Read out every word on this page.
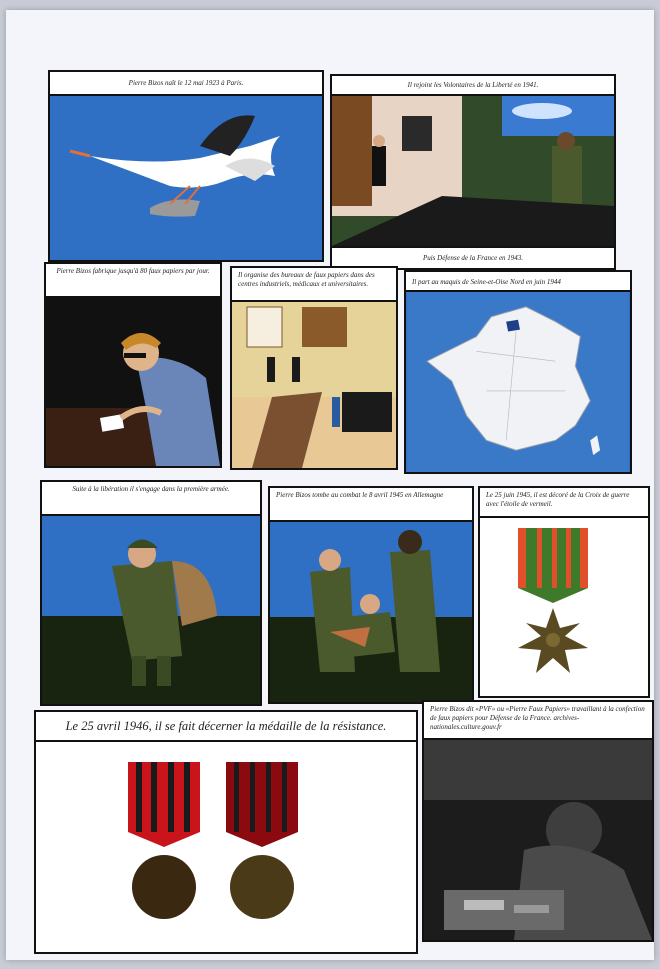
Pierre Bizos naît le 12 mai 1923 à Paris.	Il rejoint les Volontaires de la Liberté en 1941.
Puis Défense de la France en 1943.
Pierre Bizos fabrique jusqu'à 80 faux papiers par jour.	Il organise des bureaux de faux papiers dans des centres industriels, médicaux et universitaires.	Il part au maquis de Seine-et-Oise Nord en juin 1944
Suite à la libération il s'engage dans la première armée.
Pierre Bizos tombe au combat le 8 avril 1945 en Allemagne	Le 25 juin 1945, il est décoré de la Croix de guerre avec l'étoile de vermeil.
Le 25 avril 1946, il se fait décerner la médaille de la résistance.
Pierre Bizos dit «PVF» ou «Pierre Faux Papiers» travaillant à la confection de faux papiers pour Défense de la France. archives-nationales.culture.gouv.fr
